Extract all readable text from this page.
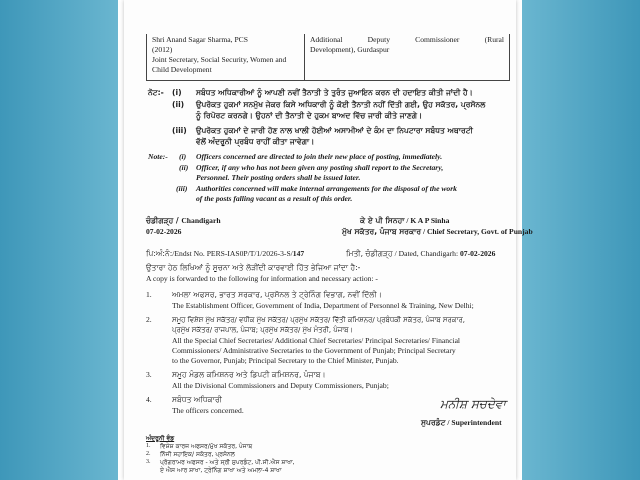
Shri Anand Sagar Sharma, PCS
(2012)
Joint Secretary, Social Security, Women and
Child Development
Additional Deputy Commissioner (Rural
Development), Gurdaspur
ਨੋਟ:- (i) ਸਬੰਧਤ ਅਧਿਕਾਰੀਆਂ ਨੂੰ ਆਪਣੀ ਨਵੀਂ ਤੈਨਾਤੀ ਤੇ ਤੁਰੰਤ ਜੁਆਇਨ ਕਰਨ ਦੀ ਹਦਾਇਤ ਕੀਤੀ ਜਾਂਦੀ ਹੈ।
(ii) ਉਪਰੋਕਤ ਹੁਕਮਾਂ ਸਨਮੁੱਖ ਜੇਕਰ ਕਿਸੇ ਅਧਿਕਾਰੀ ਨੂੰ ਕੋਈ ਤੈਨਾਤੀ ਨਹੀਂ ਦਿੱਤੀ ਗਈ, ਉਹ ਸਕੱਤਰ, ਪ੍ਰਸੋਨਲ
ਨੂੰ ਰਿਪੋਰਟ ਕਰਨਗੇ। ਉਹਨਾਂ ਦੀ ਤੈਨਾਤੀ ਦੇ ਹੁਕਮ ਬਾਅਦ ਵਿੱਚ ਜਾਰੀ ਕੀਤੇ ਜਾਣਗੇ।
(iii) ਉਪਰੋਕਤ ਹੁਕਮਾਂ ਦੇ ਜਾਰੀ ਹੋਣ ਨਾਲ ਖਾਲੀ ਹੋਈਆਂ ਅਸਾਮੀਆਂ ਦੇ ਕੰਮ ਦਾ ਨਿਪਟਾਰਾ ਸਬੰਧਤ ਅਥਾਰਟੀ
ਵੱਲੋਂ ਅੰਦਰੂਨੀ ਪ੍ਰਬੰਧ ਰਾਹੀਂ ਕੀਤਾ ਜਾਵੇਗਾ।
Note:- (i) Officers concerned are directed to join their new place of posting, immediately.
(ii) Officer, if any who has not been given any posting shall report to the Secretary,
Personnel. Their posting orders shall be issued later.
(iii) Authorities concerned will make internal arrangements for the disposal of the work
of the posts falling vacant as a result of this order.
ਚੰਡੀਗੜ੍ਹ / Chandigarh
07-02-2026
ਕੇ ਏ ਪੀ ਸਿਨਹਾ / K A P Sinha
ਮੁੱਖ ਸਕੱਤਰ, ਪੰਜਾਬ ਸਰਕਾਰ / Chief Secretary, Govt. of Punjab
ਪਿ:ਅੰ:ਨੰ:/Endst No. PERS-IAS0P/T/1/2026-3-S/147	ਮਿਤੀ, ਚੰਡੀਗੜ੍ਹ / Dated, Chandigarh: 07-02-2026
ਉਤਾਰਾ ਹੇਠ ਲਿਖਿਆਂ ਨੂੰ ਸੂਚਨਾ ਅਤੇ ਲੋੜੀਂਦੀ ਕਾਰਵਾਈ ਹਿੱਤ ਭੇਜਿਆ ਜਾਂਦਾ ਹੈ:-
A copy is forwarded to the following for information and necessary action: -
1.	ਅਮਲਾ ਅਫਸਰ, ਭਾਰਤ ਸਰਕਾਰ, ਪ੍ਰਸੋਨਲ ਤੇ ਟ੍ਰੇਨਿੰਗ ਵਿਭਾਗ, ਨਵੀਂ ਦਿੱਲੀ।
The Establishment Officer, Government of India, Department of Personnel & Training, New Delhi;
2.	ਸਮੂਹ ਵਿਸ਼ੇਸ਼ ਮੁੱਖ ਸਕੱਤਰ/ ਵਧੀਕ ਮੁੱਖ ਸਕੱਤਰ/ ਪ੍ਰਮੁੱਖ ਸਕੱਤਰ/ ਵਿੱਤੀ ਕਮਿਸ਼ਨਰ/ ਪ੍ਰਬੰਧਕੀ ਸਕੱਤਰ, ਪੰਜਾਬ ਸਰਕਾਰ,
ਪ੍ਰਮੁੱਖ ਸਕੱਤਰ/ ਰਾਜਪਾਲ, ਪੰਜਾਬ; ਪ੍ਰਮੁੱਖ ਸਕੱਤਰ/ ਮੁੱਖ ਮੰਤਰੀ, ਪੰਜਾਬ।
All the Special Chief Secretaries/ Additional Chief Secretaries/ Principal Secretaries/ Financial
Commissioners/ Administrative Secretaries to the Government of Punjab; Principal Secretary
to the Governor, Punjab; Principal Secretary to the Chief Minister, Punjab.
3.	ਸਮੂਹ ਮੰਡਲ ਕਮਿਸ਼ਨਰ ਅਤੇ ਡਿਪਟੀ ਕਮਿਸ਼ਨਰ, ਪੰਜਾਬ।
All the Divisional Commissioners and Deputy Commissioners, Punjab;
4.	ਸਬੰਧਤ ਅਧਿਕਾਰੀ
The officers concerned.	ਮਨੀਸ਼ ਸਚਦੇਵਾ
ਸੁਪਰਡੰਟ / Superintendent
ਅੰਦਰੂਨੀ ਵੰਡ
1. ਵਿਸ਼ੇਸ਼ ਕਾਰਜ ਅਫਸਰ/ਮੁੱਖ ਸਕੱਤਰ, ਪੰਜਾਬ
2. ਨਿੱਜੀ ਸਹਾਇਕ/ ਸਕੱਤਰ, ਪ੍ਰਸੋਨਲ
3. ਪ੍ਰੋਗਰਾਮਰ ਅਫਸਰ - ਅਤੇ ਸ੍ਰੀ ਸੁਪਰਡੰਟ, ਪੀ.ਸੀ.ਐਸ ਸ਼ਾਖਾ,
ਏ ਐਸ ਆਰ ਸ਼ਾਖਾ, ਟ੍ਰੇਨਿੰਗ ਸ਼ਾਖਾ ਅਤੇ ਅਮਲਾ-4 ਸ਼ਾਖਾ
